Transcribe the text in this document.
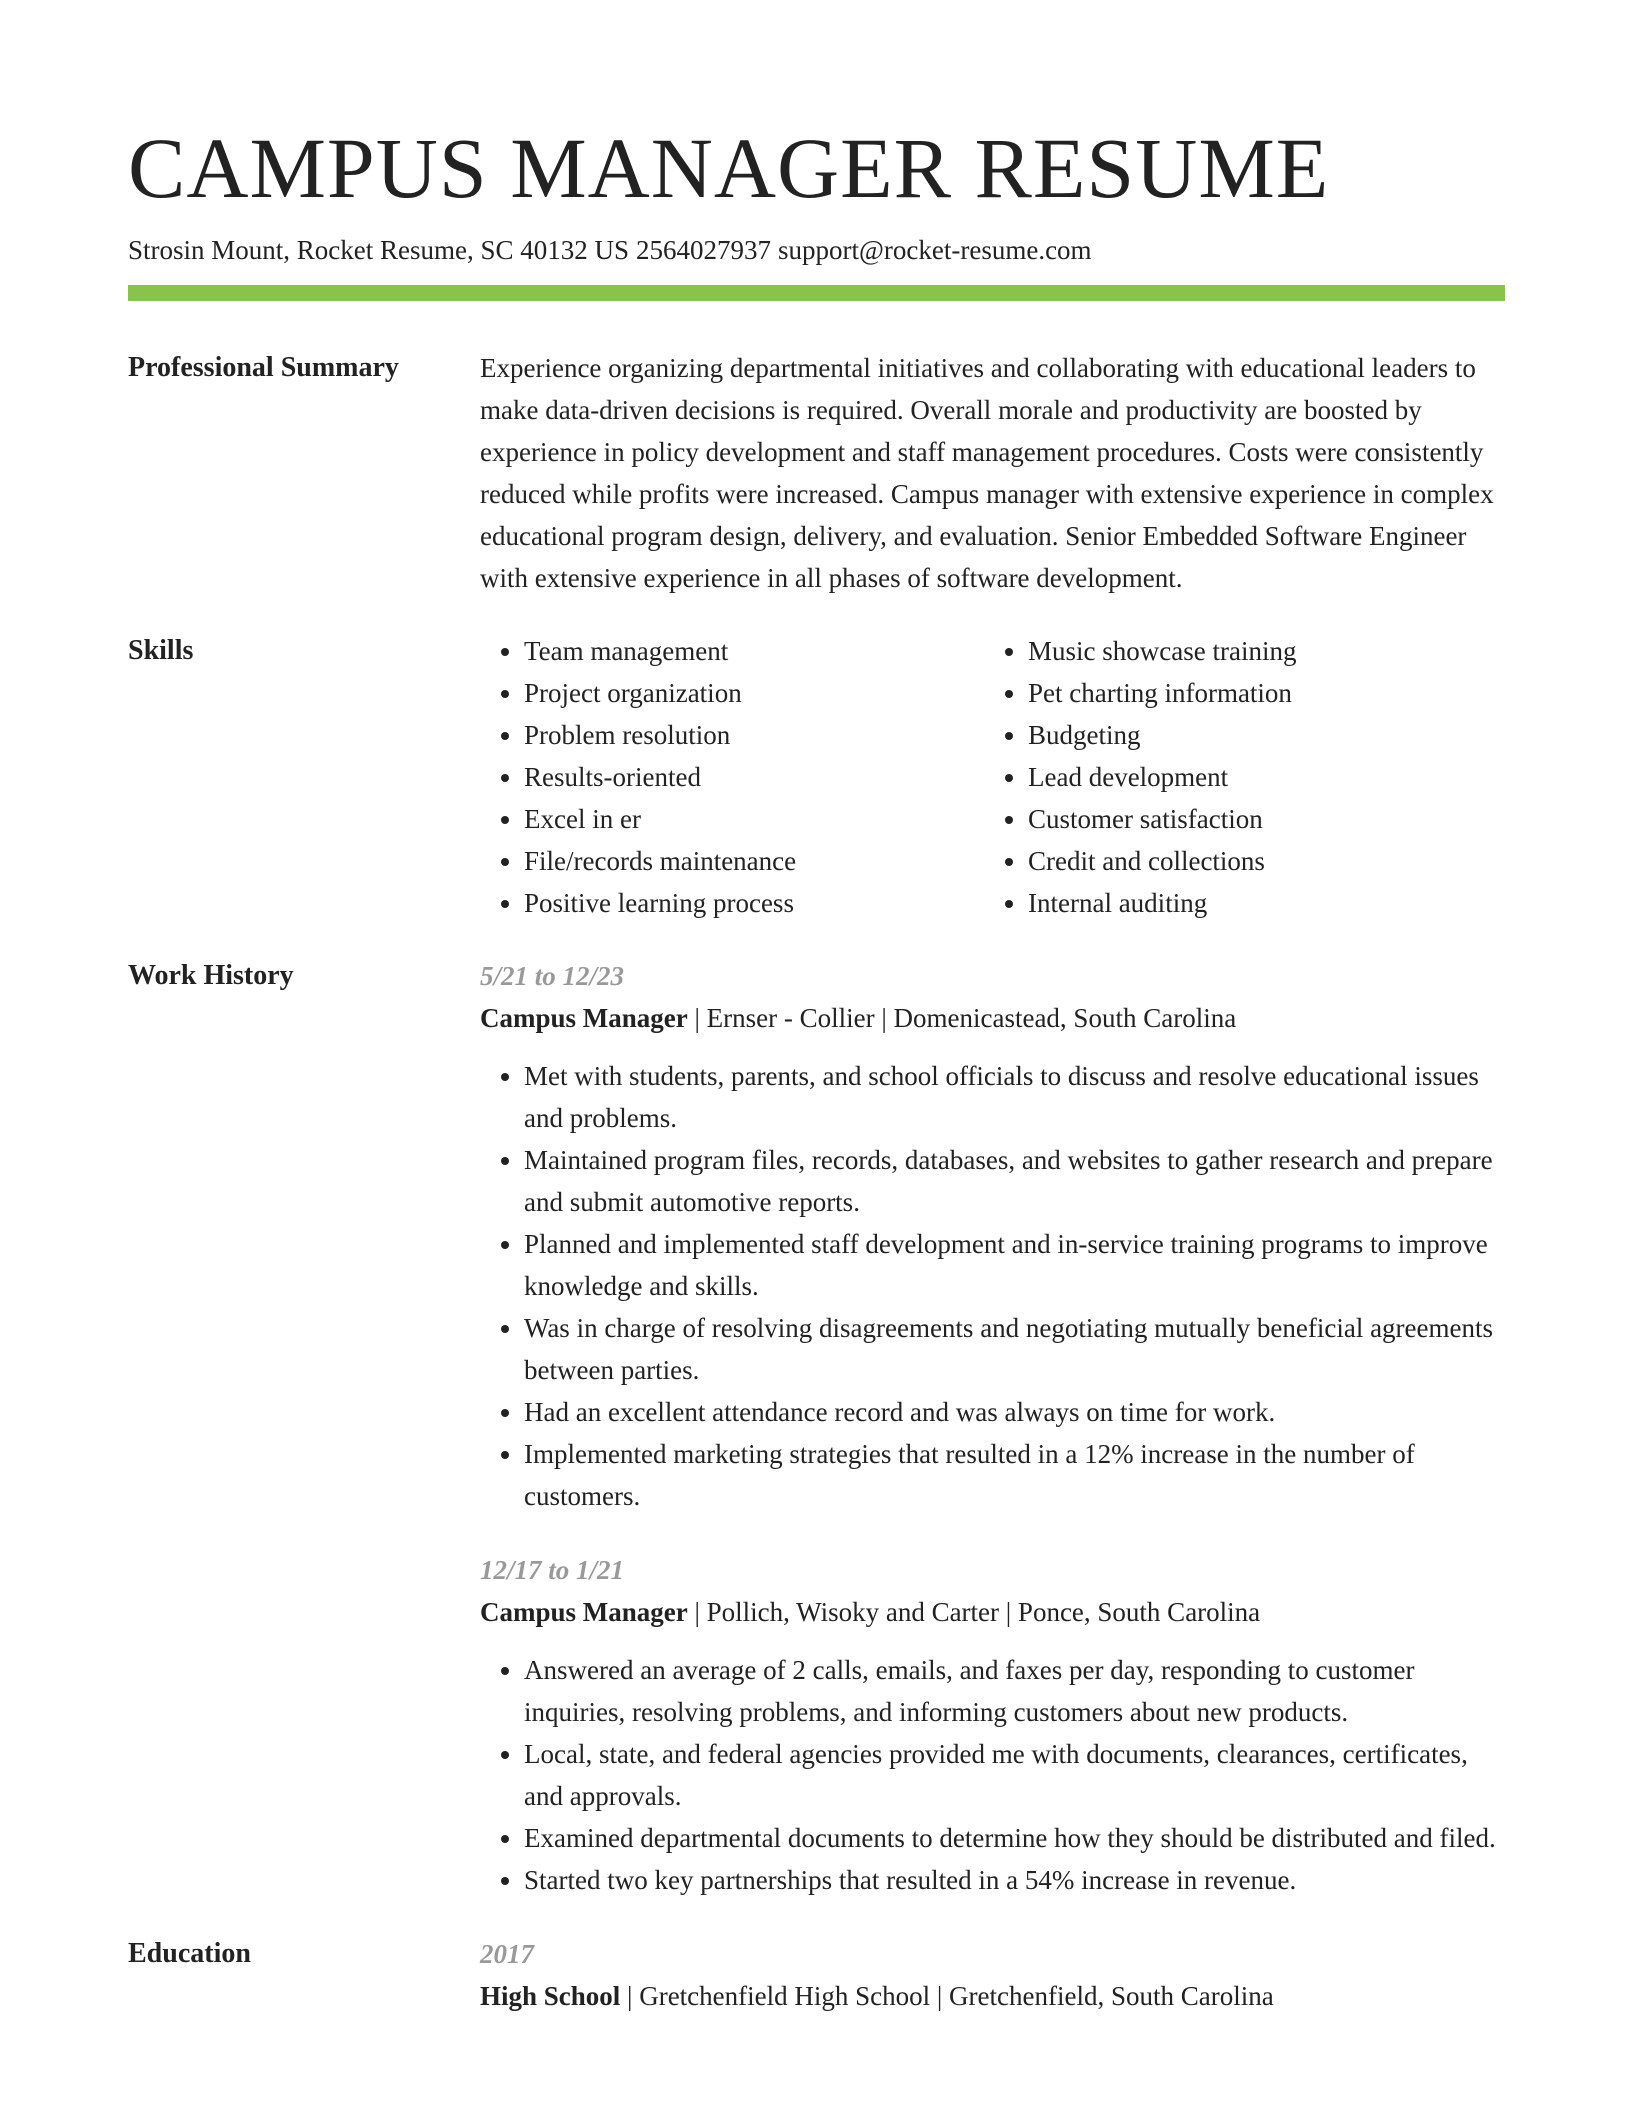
CAMPUS MANAGER RESUME
Strosin Mount, Rocket Resume, SC 40132 US 2564027937 support@rocket-resume.com
Professional Summary	Experience organizing departmental initiatives and collaborating with educational leaders to make data-driven decisions is required. Overall morale and productivity are boosted by experience in policy development and staff management procedures. Costs were consistently reduced while profits were increased. Campus manager with extensive experience in complex educational program design, delivery, and evaluation. Senior Embedded Software Engineer with extensive experience in all phases of software development.

Skills
•	Team management
• Project organization
• Problem resolution
• Results-oriented
• Excel in er
• File/records maintenance
• Positive learning process
• Music showcase training
• Pet charting information
• Budgeting
• Lead development
• Customer satisfaction
• Credit and collections
• Internal auditing
Work History	5/21 to 12/23
Campus Manager | Ernser - Collier | Domenicastead, South Carolina
• Met with students, parents, and school officials to discuss and resolve educational issues and problems.
• Maintained program files, records, databases, and websites to gather research and prepare and submit automotive reports.
• Planned and implemented staff development and in-service training programs to improve knowledge and skills.
• Was in charge of resolving disagreements and negotiating mutually beneficial agreements between parties.
• Had an excellent attendance record and was always on time for work.
• Implemented marketing strategies that resulted in a 12% increase in the number of customers.
12/17 to 1/21
Campus Manager | Pollich, Wisoky and Carter | Ponce, South Carolina
• Answered an average of 2 calls, emails, and faxes per day, responding to customer inquiries, resolving problems, and informing customers about new products.
• Local, state, and federal agencies provided me with documents, clearances, certificates, and approvals.
• Examined departmental documents to determine how they should be distributed and filed.
• Started two key partnerships that resulted in a 54% increase in revenue.
Education	2017
High School | Gretchenfield High School | Gretchenfield, South Carolina
